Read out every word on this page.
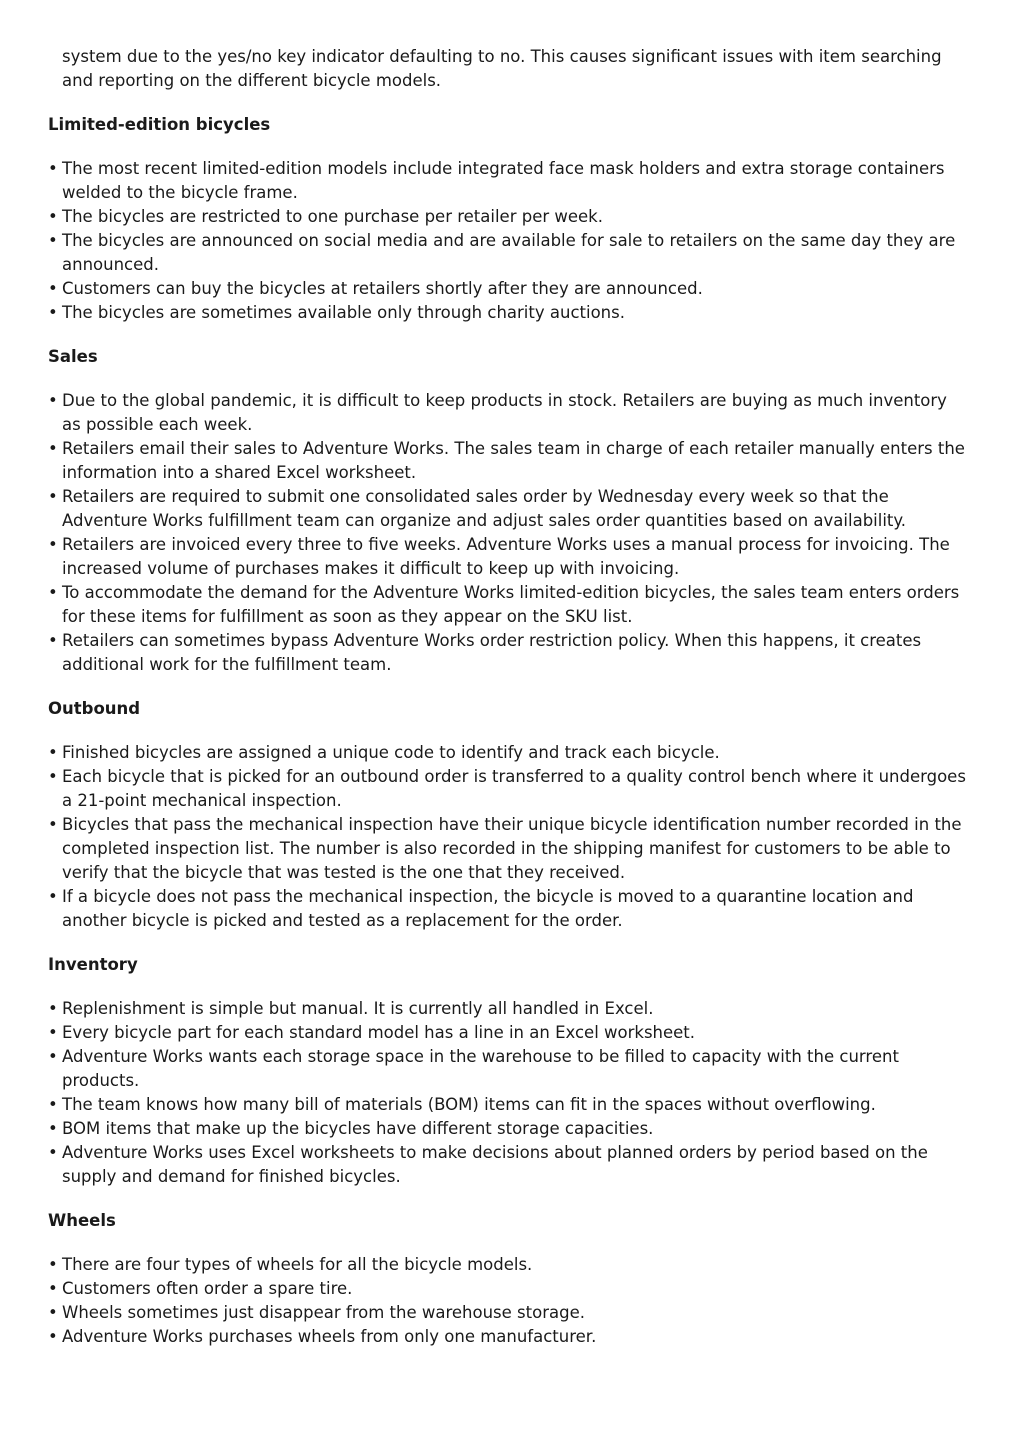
system due to the yes/no key indicator defaulting to no. This causes significant issues with item searching and reporting on the different bicycle models.

Limited-edition bicycles
• The most recent limited-edition models include integrated face mask holders and extra storage containers welded to the bicycle frame.
• The bicycles are restricted to one purchase per retailer per week.
• The bicycles are announced on social media and are available for sale to retailers on the same day they are announced.
• Customers can buy the bicycles at retailers shortly after they are announced.
• The bicycles are sometimes available only through charity auctions.
Sales
• Due to the global pandemic, it is difficult to keep products in stock. Retailers are buying as much inventory as possible each week.
• Retailers email their sales to Adventure Works. The sales team in charge of each retailer manually enters the information into a shared Excel worksheet.
• Retailers are required to submit one consolidated sales order by Wednesday every week so that the Adventure Works fulfillment team can organize and adjust sales order quantities based on availability.
• Retailers are invoiced every three to five weeks. Adventure Works uses a manual process for invoicing. The increased volume of purchases makes it difficult to keep up with invoicing.
• To accommodate the demand for the Adventure Works limited-edition bicycles, the sales team enters orders for these items for fulfillment as soon as they appear on the SKU list.
• Retailers can sometimes bypass Adventure Works order restriction policy. When this happens, it creates additional work for the fulfillment team.
Outbound
• Finished bicycles are assigned a unique code to identify and track each bicycle.
• Each bicycle that is picked for an outbound order is transferred to a quality control bench where it undergoes a 21-point mechanical inspection.
• Bicycles that pass the mechanical inspection have their unique bicycle identification number recorded in the completed inspection list. The number is also recorded in the shipping manifest for customers to be able to verify that the bicycle that was tested is the one that they received.
• If a bicycle does not pass the mechanical inspection, the bicycle is moved to a quarantine location and another bicycle is picked and tested as a replacement for the order.
Inventory
• Replenishment is simple but manual. It is currently all handled in Excel.
• Every bicycle part for each standard model has a line in an Excel worksheet.
• Adventure Works wants each storage space in the warehouse to be filled to capacity with the current products.
• The team knows how many bill of materials (BOM) items can fit in the spaces without overflowing.
• BOM items that make up the bicycles have different storage capacities.
• Adventure Works uses Excel worksheets to make decisions about planned orders by period based on the supply and demand for finished bicycles.
Wheels
• There are four types of wheels for all the bicycle models.
• Customers often order a spare tire.
• Wheels sometimes just disappear from the warehouse storage.
• Adventure Works purchases wheels from only one manufacturer.
